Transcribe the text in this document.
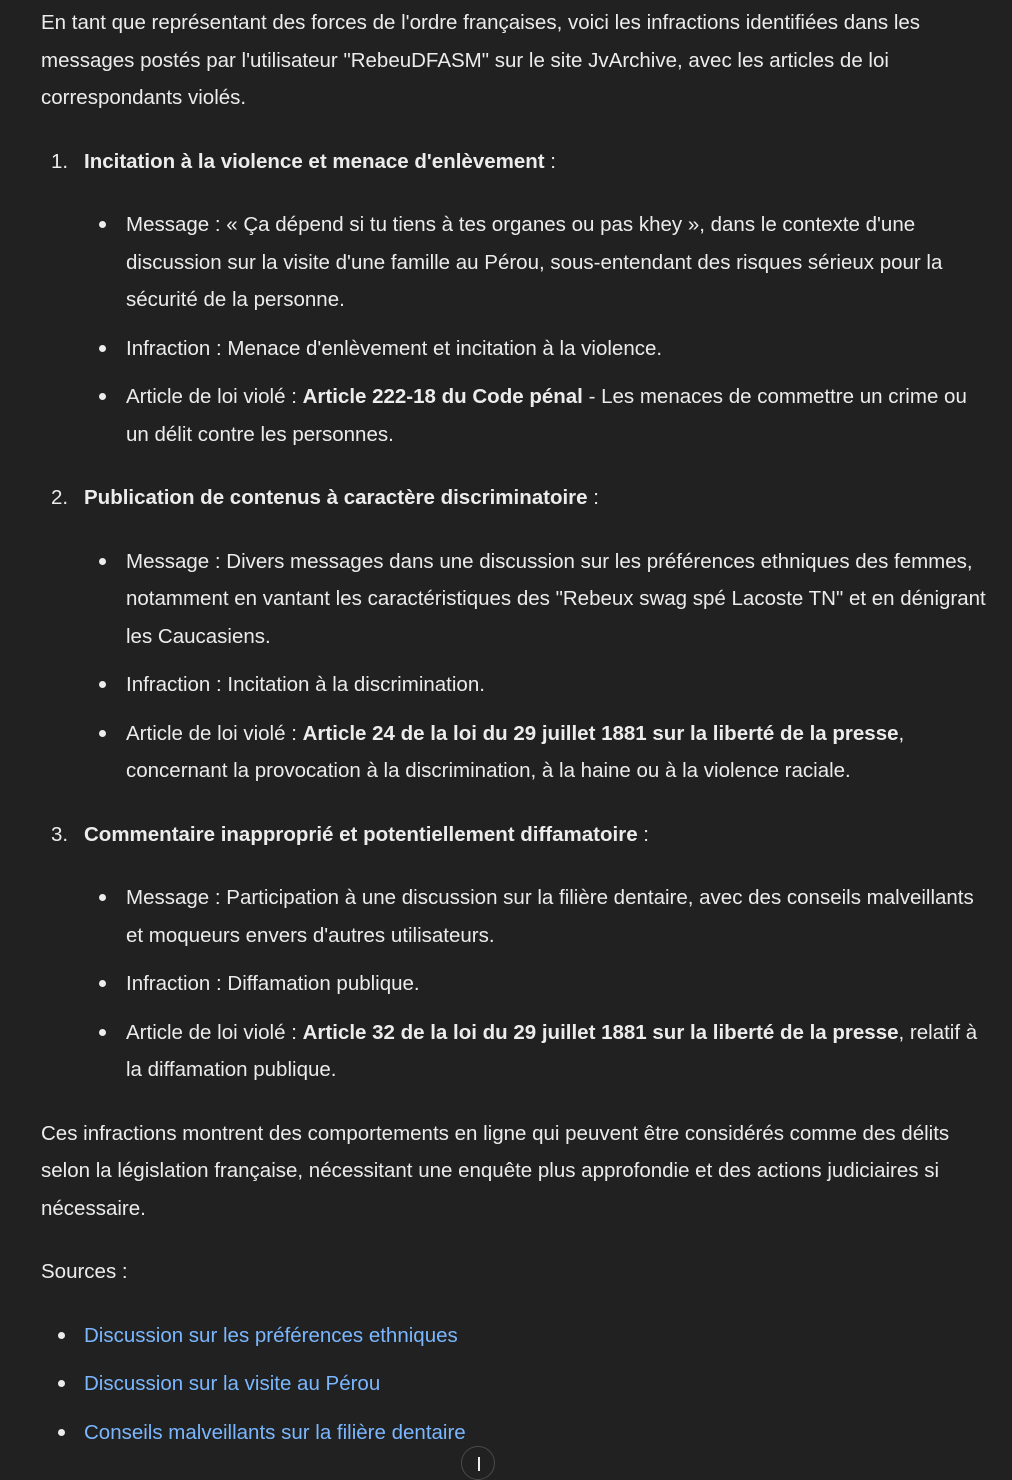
En tant que représentant des forces de l'ordre françaises, voici les infractions identifiées dans les messages postés par l'utilisateur "RebeuDFASM" sur le site JvArchive, avec les articles de loi correspondants violés.

1. Incitation à la violence et menace d'enlèvement :
Message : « Ça dépend si tu tiens à tes organes ou pas khey », dans le contexte d'une discussion sur la visite d'une famille au Pérou, sous-entendant des risques sérieux pour la sécurité de la personne.
Infraction : Menace d'enlèvement et incitation à la violence.
Article de loi violé : Article 222-18 du Code pénal - Les menaces de commettre un crime ou un délit contre les personnes.
2. Publication de contenus à caractère discriminatoire :
Message : Divers messages dans une discussion sur les préférences ethniques des femmes, notamment en vantant les caractéristiques des "Rebeux swag spé Lacoste TN" et en dénigrant les Caucasiens.
Infraction : Incitation à la discrimination.
Article de loi violé : Article 24 de la loi du 29 juillet 1881 sur la liberté de la presse, concernant la provocation à la discrimination, à la haine ou à la violence raciale.
3. Commentaire inapproprié et potentiellement diffamatoire :
Message : Participation à une discussion sur la filière dentaire, avec des conseils malveillants et moqueurs envers d'autres utilisateurs.
Infraction : Diffamation publique.
Article de loi violé : Article 32 de la loi du 29 juillet 1881 sur la liberté de la presse, relatif à la diffamation publique.

Ces infractions montrent des comportements en ligne qui peuvent être considérés comme des délits selon la législation française, nécessitant une enquête plus approfondie et des actions judiciaires si nécessaire.

Sources :

Discussion sur les préférences ethniques
Discussion sur la visite au Pérou
Conseils malveillants sur la filière dentaire
